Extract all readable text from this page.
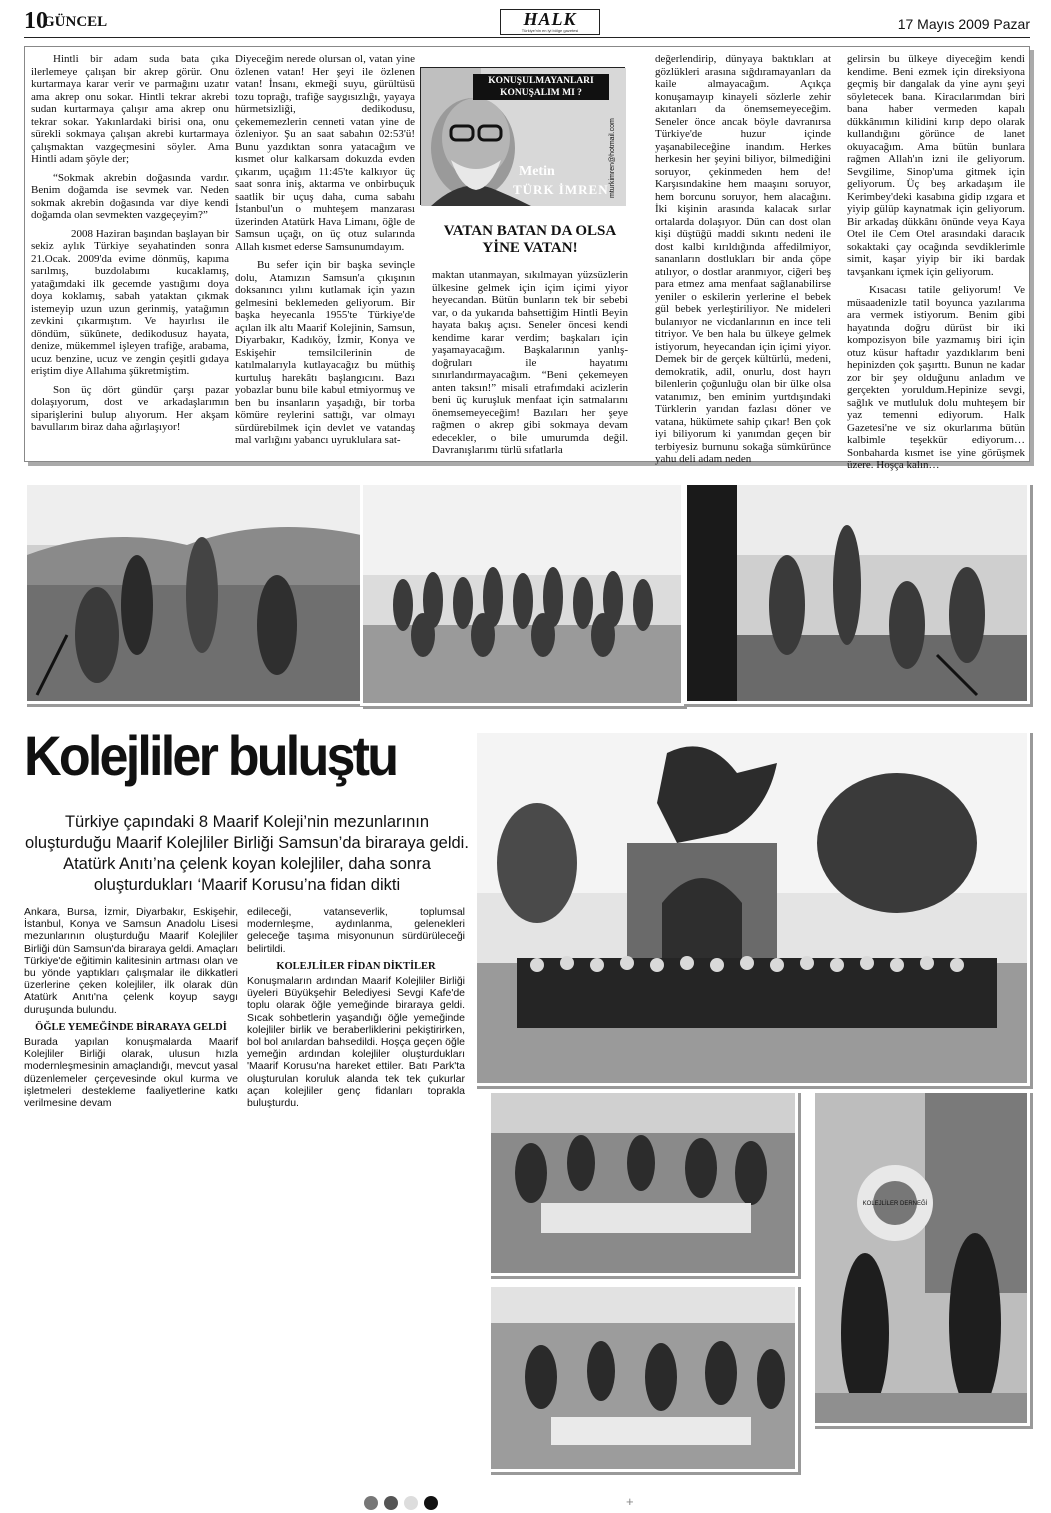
10
GÜNCEL	HALK
Türkiye'nin en iyi bölge gazetesi	17 Mayıs 2009 Pazar

Hintli bir adam suda bata çıka ilerlemeye çalışan bir akrep görür. Onu kurtarmaya karar verir ve parmağını uzatır ama akrep onu sokar. Hintli tekrar akrebi sudan kurtarmaya çalışır ama akrep onu tekrar sokar. Yakınlardaki birisi ona, onu sürekli sokmaya çalışan akrebi kurtarmaya çalışmaktan vazgeçmesini söyler. Ama Hintli adam şöyle der;

“Sokmak akrebin doğasında vardır. Benim doğamda ise sevmek var. Neden sokmak akrebin doğasında var diye kendi doğamda olan sevmekten vazgeçeyim?”

2008 Haziran başından başlayan bir sekiz aylık Türkiye seyahatinden sonra 21.Ocak. 2009'da evime dönmüş, kapıma sarılmış, buzdolabımı kucaklamış, yatağımdaki ilk gecemde yastığımı doya doya koklamış, sabah yataktan çıkmak istemeyip uzun uzun gerinmiş, yatağımın zevkini çıkarmıştım. Ve hayırlısı ile döndüm, sükûnete, dedikodusuz hayata, denize, mükemmel işleyen trafiğe, arabama, ucuz benzine, ucuz ve zengin çeşitli gıdaya eriştim diye Allahıma şükretmiştim.

Son üç dört gündür çarşı pazar dolaşıyorum, dost ve arkadaşlarımın siparişlerini bulup alıyorum. Her akşam bavullarım biraz daha ağırlaşıyor!

Diyeceğim nerede olursan ol, vatan yine özlenen vatan! Her şeyi ile özlenen vatan! İnsanı, ekmeği suyu, gürültüsü tozu toprağı, trafiğe saygısızlığı, yayaya hürmetsizliği, dedikodusu, çekememezlerin cenneti vatan yine de özleniyor. Şu an saat sabahın 02:53'ü! Bunu yazdıktan sonra yatacağım ve kısmet olur kalkarsam dokuzda evden çıkarım, uçağım 11:45'te kalkıyor üç saat sonra iniş, aktarma ve onbirbuçuk saatlik bir uçuş daha, cuma sabahı İstanbul'un o muhteşem manzarası üzerinden Atatürk Hava Limanı, öğle de Samsun uçağı, on üç otuz sularında Allah kısmet ederse Samsunumdayım.

Bu sefer için bir başka sevinçle dolu, Atamızın Samsun'a çıkışının doksanıncı yılını kutlamak için yazın gelmesini beklemeden geliyorum. Bir başka heyecanla 1955'te Türkiye'de açılan ilk altı Maarif Kolejinin, Samsun, Diyarbakır, Kadıköy, İzmir, Konya ve Eskişehir temsilcilerinin de katılmalarıyla kutlayacağız bu müthiş kurtuluş harekâtı başlangıcını. Bazı yobazlar bunu bile kabul etmiyormuş ve ben bu insanların yaşadığı, bir torba kömüre reylerini sattığı, var olmayı sürdürebilmek için devlet ve vatandaş mal varlığını yabancı uyruklulara sat-

KONUŞULMAYANLARI KONUŞALIM MI ?
Metin
TÜRK İMREN mturkimren@hotmail.com
VATAN BATAN DA OLSA YİNE VATAN!

maktan utanmayan, sıkılmayan yüzsüzlerin ülkesine gelmek için içim içimi yiyor heyecandan. Bütün bunların tek bir sebebi var, o da yukarıda bahsettiğim Hintli Beyin hayata bakış açısı. Seneler öncesi kendi kendime karar verdim; başkaları için yaşamayacağım. Başkalarının yanlış-doğruları ile hayatımı sınırlandırmayacağım. “Beni çekemeyen anten taksın!” misali etrafımdaki acizlerin beni üç kuruşluk menfaat için satmalarını önemsemeyeceğim! Bazıları her şeye rağmen o akrep gibi sokmaya devam edecekler, o bile umurumda değil. Davranışlarımı türlü sıfatlarla

değerlendirip, dünyaya baktıkları at gözlükleri arasına sığdıramayanları da kaile almayacağım. Açıkça konuşamayıp kinayeli sözlerle zehir akıtanları da önemsemeyeceğim. Seneler önce ancak böyle davranırsa Türkiye'de huzur içinde yaşanabileceğine inandım. Herkes herkesin her şeyini biliyor, bilmediğini soruyor, çekinmeden hem de! Karşısındakine hem maaşını soruyor, hem borcunu soruyor, hem alacağını. İki kişinin arasında kalacak sırlar ortalarda dolaşıyor. Dün can dost olan kişi düştüğü maddi sıkıntı nedeni ile dost kalbi kırıldığında affedilmiyor, sananların dostlukları bir anda çöpe atılıyor, o dostlar aranmıyor, ciğeri beş para etmez ama menfaat sağlanabilirse yeniler o eskilerin yerlerine el bebek gül bebek yerleştiriliyor. Ne mideleri bulanıyor ne vicdanlarının en ince teli titriyor. Ve ben hala bu ülkeye gelmek istiyorum, heyecandan için içimi yiyor. Demek bir de gerçek kültürlü, medeni, demokratik, adil, onurlu, dost hayrı bilenlerin çoğunluğu olan bir ülke olsa vatanımız, ben eminim yurtdışındaki Türklerin yarıdan fazlası döner ve vatana, hükümete sahip çıkar! Ben çok iyi biliyorum ki yanımdan geçen bir terbiyesiz burnunu sokağa sümkürünce yahu deli adam neden

gelirsin bu ülkeye diyeceğim kendi kendime. Beni ezmek için direksiyona geçmiş bir dangalak da yine aynı şeyi söyletecek bana. Kiracılarımdan biri bana haber vermeden kapalı dükkânımın kilidini kırıp depo olarak kullandığını görünce de lanet okuyacağım. Ama bütün bunlara rağmen Allah'ın izni ile geliyorum. Sevgilime, Sinop'uma gitmek için geliyorum. Üç beş arkadaşım ile Kerimbey'deki kasabına gidip ızgara et yiyip gülüp kaynatmak için geliyorum. Bir arkadaş dükkânı önünde veya Kaya Otel ile Cem Otel arasındaki daracık sokaktaki çay ocağında sevdiklerimle simit, kaşar yiyip bir iki bardak tavşankanı içmek için geliyorum.

Kısacası tatile geliyorum! Ve müsaadenizle tatil boyunca yazılarıma ara vermek istiyorum. Benim gibi hayatında doğru dürüst bir iki kompozisyon bile yazmamış biri için otuz küsur haftadır yazdıklarım beni hepinizden çok şaşırttı. Bunun ne kadar zor bir şey olduğunu anladım ve gerçekten yoruldum.Hepinize sevgi, sağlık ve mutluluk dolu muhteşem bir yaz temenni ediyorum. Halk Gazetesi'ne ve siz okurlarıma bütün kalbimle teşekkür ediyorum… Sonbaharda kısmet ise yine görüşmek üzere. Hoşça kalın…

Kolejliler buluştu
Türkiye çapındaki 8 Maarif Koleji’nin mezunlarının oluşturduğu Maarif Kolejliler Birliği Samsun’da biraraya geldi. Atatürk Anıtı’na çelenk koyan kolejliler, daha sonra oluşturdukları ‘Maarif Korusu’na fidan dikti

Ankara, Bursa, İzmir, Diyarbakır, Eskişehir, İstanbul, Konya ve Samsun Anadolu Lisesi mezunlarının oluşturduğu Maarif Kolejliler Birliği dün Samsun'da biraraya geldi. Amaçları Türkiye'de eğitimin kalitesinin artması olan ve bu yönde yaptıkları çalışmalar ile dikkatleri üzerlerine çeken kolejliler, ilk olarak dün Atatürk Anıtı'na çelenk koyup saygı duruşunda bulundu.

ÖĞLE YEMEĞİNDE BİRARAYA GELDİ

Burada yapılan konuşmalarda Maarif Kolejliler Birliği olarak, ulusun hızla modernleşmesinin amaçlandığı, mevcut yasal düzenlemeler çerçevesinde okul kurma ve işletmeleri destekleme faaliyetlerine katkı verilmesine devam

edileceği, vatanseverlik, toplumsal modernleşme, aydınlanma, gelenekleri geleceğe taşıma misyonunun sürdürüleceği belirtildi.

KOLEJLİLER FİDAN DİKTİLER

Konuşmaların ardından Maarif Kolejliler Birliği üyeleri Büyükşehir Belediyesi Sevgi Kafe'de toplu olarak öğle yemeğinde biraraya geldi. Sıcak sohbetlerin yaşandığı öğle yemeğinde kolejliler birlik ve beraberliklerini pekiştirirken, bol bol anılardan bahsedildi. Hoşça geçen öğle yemeğin ardından kolejliler oluşturdukları 'Maarif Korusu'na hareket ettiler. Batı Park'ta oluşturulan koruluk alanda tek tek çukurlar açan kolejliler genç fidanları toprakla buluşturdu.

KOLEJLİLER DERNEĞİ
+
